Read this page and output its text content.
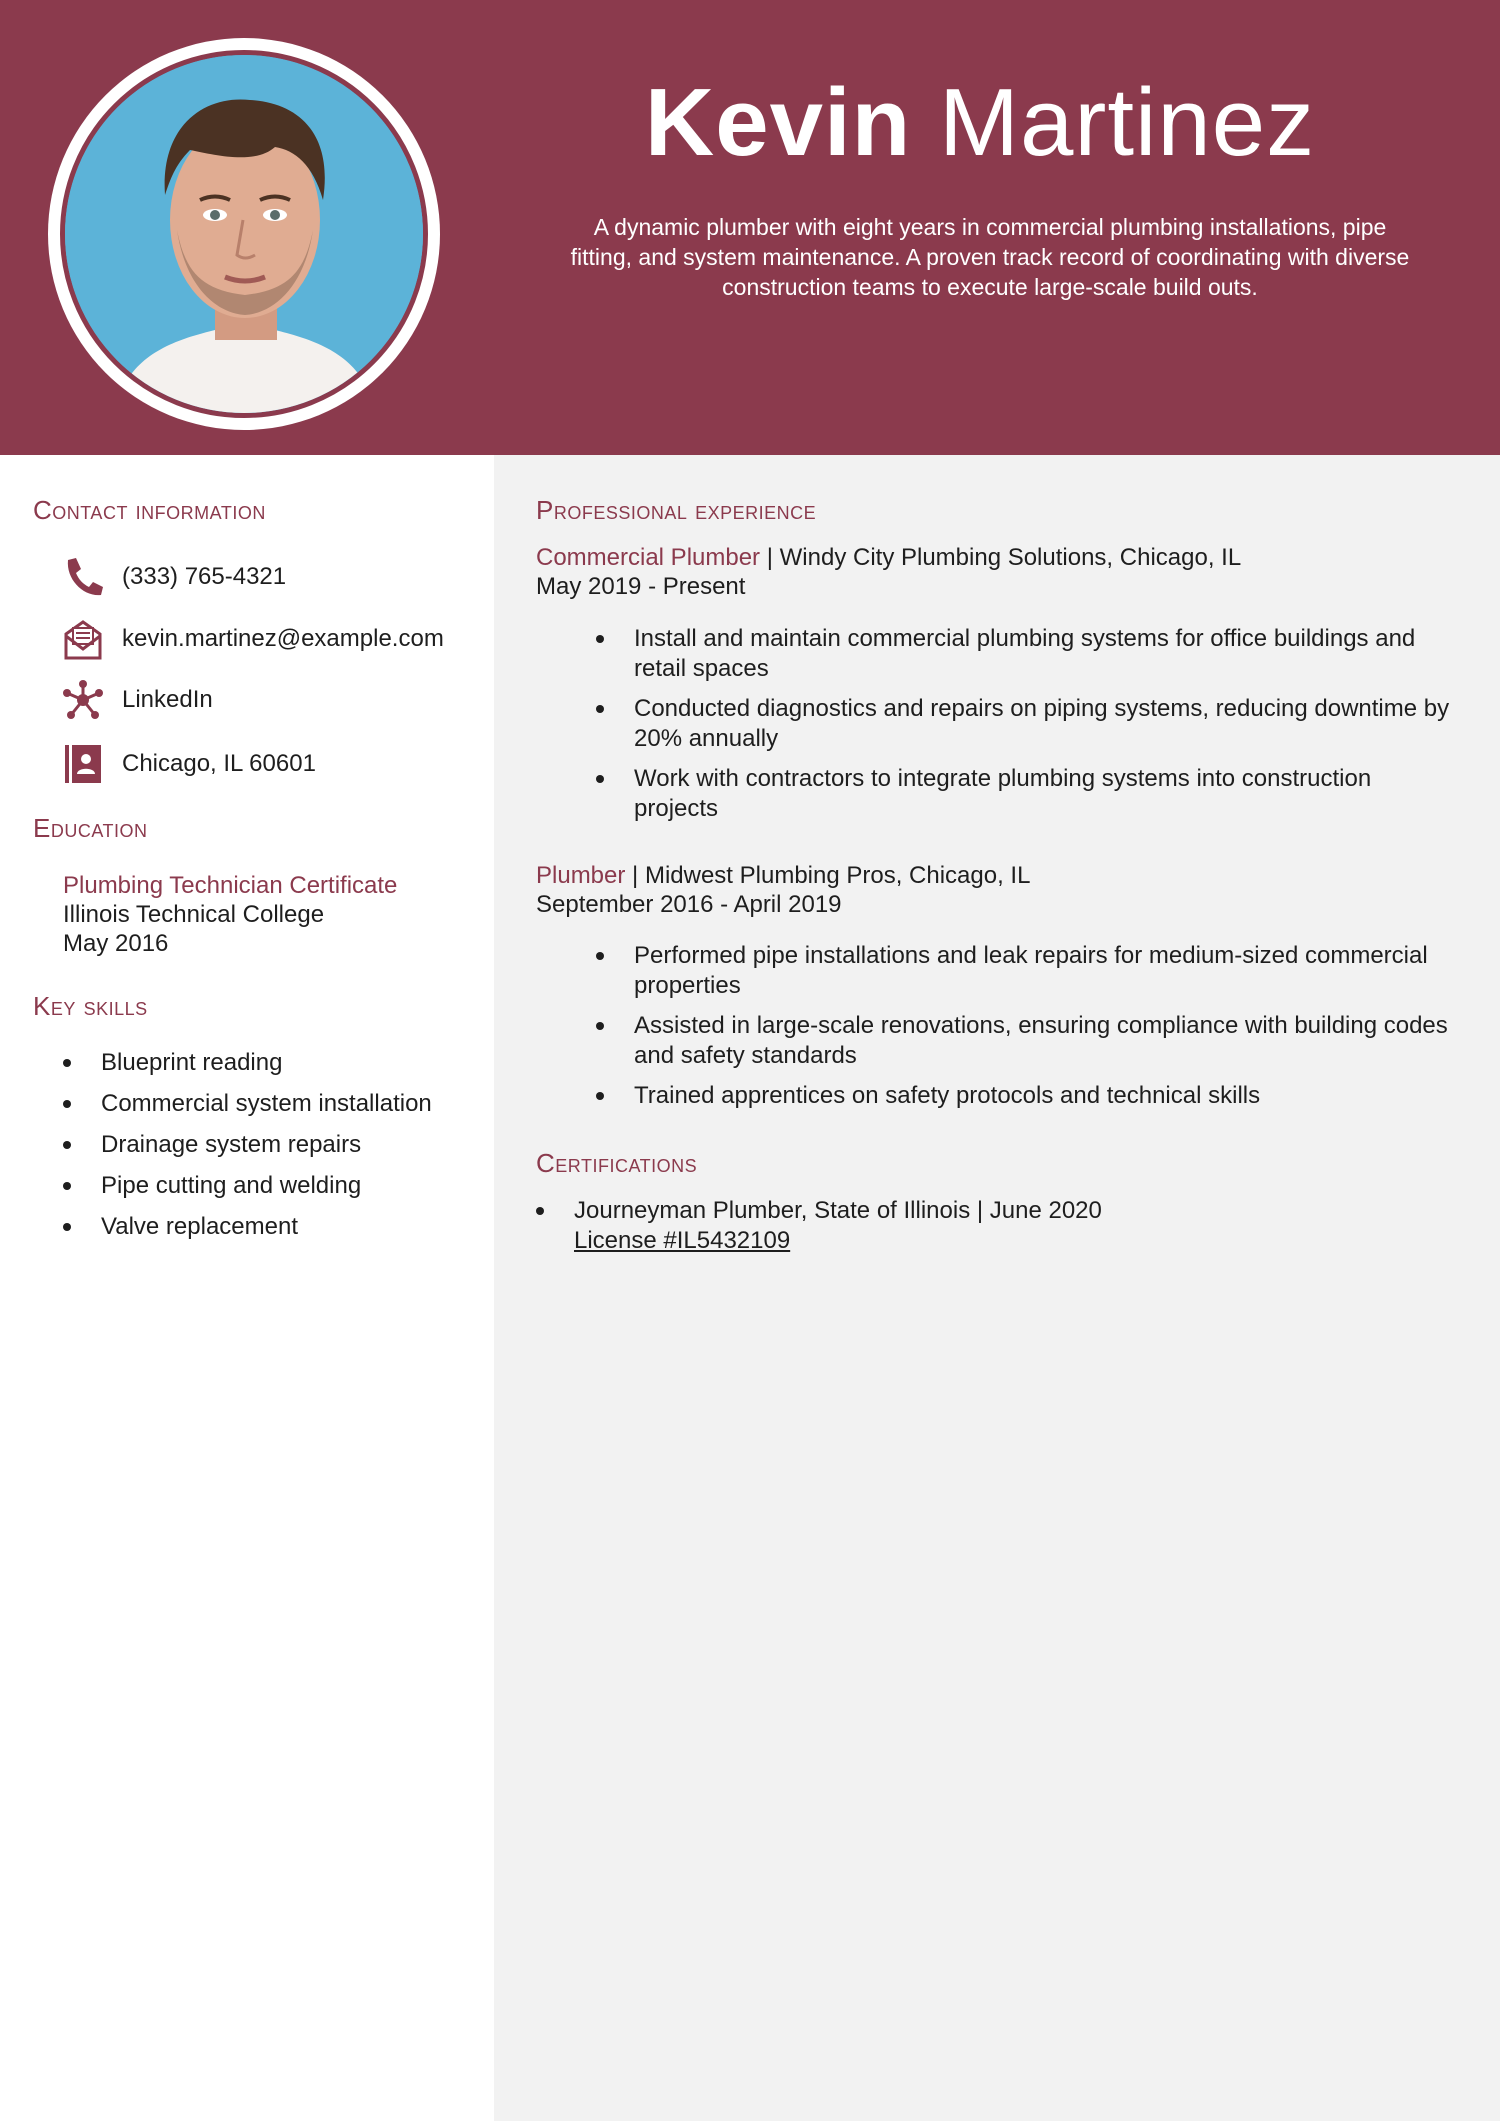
Kevin Martinez
A dynamic plumber with eight years in commercial plumbing installations, pipe fitting, and system maintenance. A proven track record of coordinating with diverse construction teams to execute large-scale build outs.
Contact information
(333) 765-4321
kevin.martinez@example.com
LinkedIn
Chicago, IL 60601
Education
Plumbing Technician Certificate
Illinois Technical College
May 2016
Key skills
Blueprint reading
Commercial system installation
Drainage system repairs
Pipe cutting and welding
Valve replacement
Professional experience
Commercial Plumber | Windy City Plumbing Solutions, Chicago, IL
May 2019 - Present
Install and maintain commercial plumbing systems for office buildings and retail spaces
Conducted diagnostics and repairs on piping systems, reducing downtime by 20% annually
Work with contractors to integrate plumbing systems into construction projects
Plumber | Midwest Plumbing Pros, Chicago, IL
September 2016 - April 2019
Performed pipe installations and leak repairs for medium-sized commercial properties
Assisted in large-scale renovations, ensuring compliance with building codes and safety standards
Trained apprentices on safety protocols and technical skills
Certifications
Journeyman Plumber, State of Illinois | June 2020
License #IL5432109
